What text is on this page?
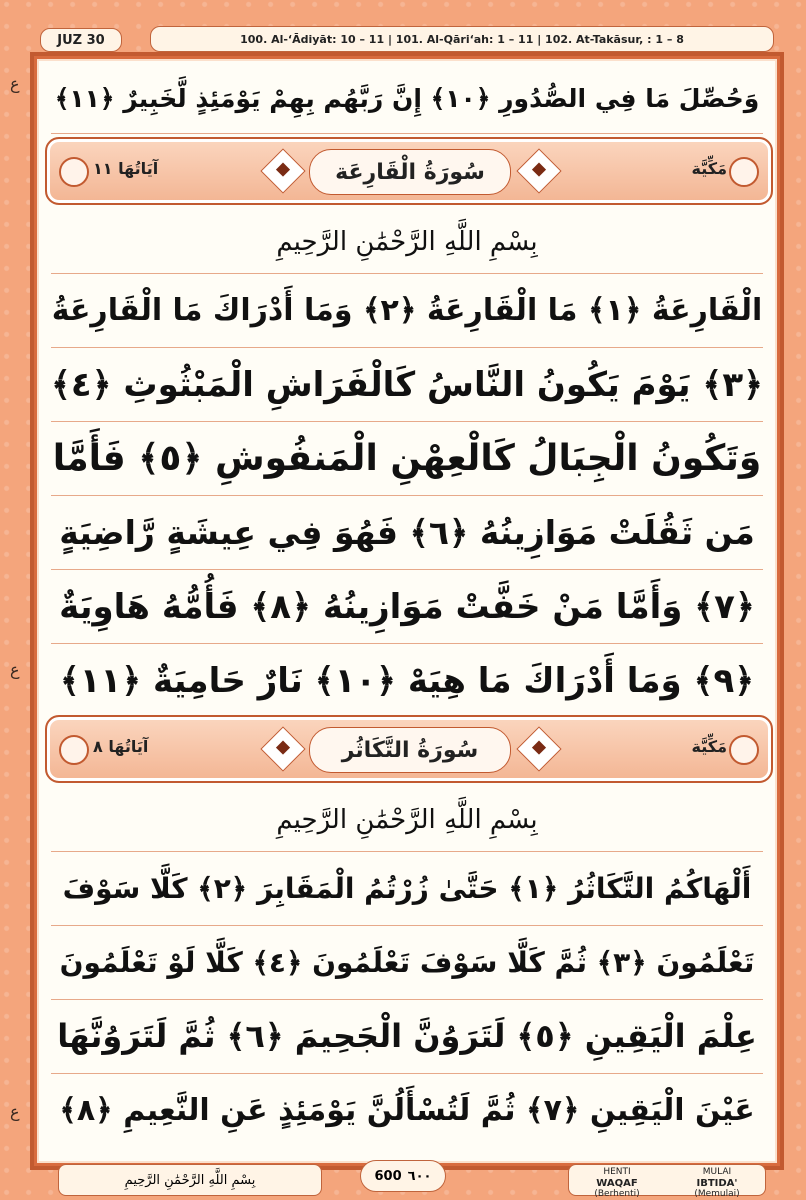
JUZ 30	100. Al-‘Ādiyāt: 10 – 11 | 101. Al-Qāri‘ah: 1 – 11 | 102. At-Takāsur, : 1 – 8
وَحُصِّلَ مَا فِي الصُّدُورِ ﴿١٠﴾ إِنَّ رَبَّهُم بِهِمْ يَوْمَئِذٍ لَّخَبِيرٌ ﴿١١﴾
آيَاتُهَا ١١	سُورَةُ الْقَارِعَة	مَكِّيَّة
بِسْمِ اللَّهِ الرَّحْمَٰنِ الرَّحِيمِ
الْقَارِعَةُ ﴿١﴾ مَا الْقَارِعَةُ ﴿٢﴾ وَمَا أَدْرَاكَ مَا الْقَارِعَةُ
﴿٣﴾ يَوْمَ يَكُونُ النَّاسُ كَالْفَرَاشِ الْمَبْثُوثِ ﴿٤﴾
وَتَكُونُ الْجِبَالُ كَالْعِهْنِ الْمَنفُوشِ ﴿٥﴾ فَأَمَّا
مَن ثَقُلَتْ مَوَازِينُهُ ﴿٦﴾ فَهُوَ فِي عِيشَةٍ رَّاضِيَةٍ
﴿٧﴾ وَأَمَّا مَنْ خَفَّتْ مَوَازِينُهُ ﴿٨﴾ فَأُمُّهُ هَاوِيَةٌ
﴿٩﴾ وَمَا أَدْرَاكَ مَا هِيَهْ ﴿١٠﴾ نَارٌ حَامِيَةٌ ﴿١١﴾
آيَاتُهَا ٨	سُورَةُ التَّكَاثُر	مَكِّيَّة
بِسْمِ اللَّهِ الرَّحْمَٰنِ الرَّحِيمِ
أَلْهَاكُمُ التَّكَاثُرُ ﴿١﴾ حَتَّىٰ زُرْتُمُ الْمَقَابِرَ ﴿٢﴾ كَلَّا سَوْفَ
تَعْلَمُونَ ﴿٣﴾ ثُمَّ كَلَّا سَوْفَ تَعْلَمُونَ ﴿٤﴾ كَلَّا لَوْ تَعْلَمُونَ
عِلْمَ الْيَقِينِ ﴿٥﴾ لَتَرَوُنَّ الْجَحِيمَ ﴿٦﴾ ثُمَّ لَتَرَوُنَّهَا
عَيْنَ الْيَقِينِ ﴿٧﴾ ثُمَّ لَتُسْأَلُنَّ يَوْمَئِذٍ عَنِ النَّعِيمِ ﴿٨﴾
ع
ع
ع
بِسْمِ اللَّهِ الرَّحْمَٰنِ الرَّحِيمِ	600 ٦٠٠	HENTI
WAQAF
(Berhenti)
MULAI
IBTIDA'
(Memulai)
